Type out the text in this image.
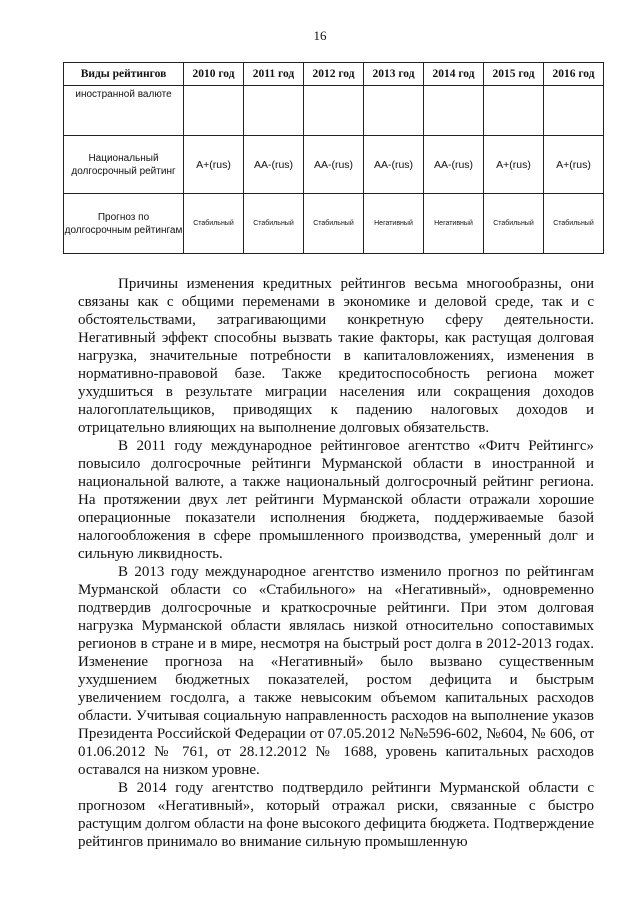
16
Виды рейтингов	2010 год	2011 год	2012 год	2013 год	2014 год	2015 год	2016 год
иностранной валюте							
Национальный долгосрочный рейтинг	A+(rus)	AA-(rus)	AA-(rus)	AA-(rus)	AA-(rus)	A+(rus)	A+(rus)
Прогноз по долгосрочным рейтингам	Стабильный	Стабильный	Стабильный	Негативный	Негативный	Стабильный	Стабильный

Причины изменения кредитных рейтингов весьма многообразны, они связаны как с общими переменами в экономике и деловой среде, так и с обстоятельствами, затрагивающими конкретную сферу деятельности. Негативный эффект способны вызвать такие факторы, как растущая долговая нагрузка, значительные потребности в капиталовложениях, изменения в нормативно-правовой базе. Также кредитоспособность региона может ухудшиться в результате миграции населения или сокращения доходов налогоплательщиков, приводящих к падению налоговых доходов и отрицательно влияющих на выполнение долговых обязательств.

В 2011 году международное рейтинговое агентство «Фитч Рейтингс» повысило долгосрочные рейтинги Мурманской области в иностранной и национальной валюте, а также национальный долгосрочный рейтинг региона. На протяжении двух лет рейтинги Мурманской области отражали хорошие операционные показатели исполнения бюджета, поддерживаемые базой налогообложения в сфере промышленного производства, умеренный долг и сильную ликвидность.

В 2013 году международное агентство изменило прогноз по рейтингам Мурманской области со «Стабильного» на «Негативный», одновременно подтвердив долгосрочные и краткосрочные рейтинги. При этом долговая нагрузка Мурманской области являлась низкой относительно сопоставимых регионов в стране и в мире, несмотря на быстрый рост долга в 2012-2013 годах. Изменение прогноза на «Негативный» было вызвано существенным ухудшением бюджетных показателей, ростом дефицита и быстрым увеличением госдолга, а также невысоким объемом капитальных расходов области. Учитывая социальную направленность расходов на выполнение указов Президента Российской Федерации от 07.05.2012 №№596-602, №604, № 606, от 01.06.2012 № 761, от 28.12.2012 № 1688, уровень капитальных расходов оставался на низком уровне.

В 2014 году агентство подтвердило рейтинги Мурманской области с прогнозом «Негативный», который отражал риски, связанные с быстро растущим долгом области на фоне высокого дефицита бюджета. Подтверждение рейтингов принимало во внимание сильную промышленную
